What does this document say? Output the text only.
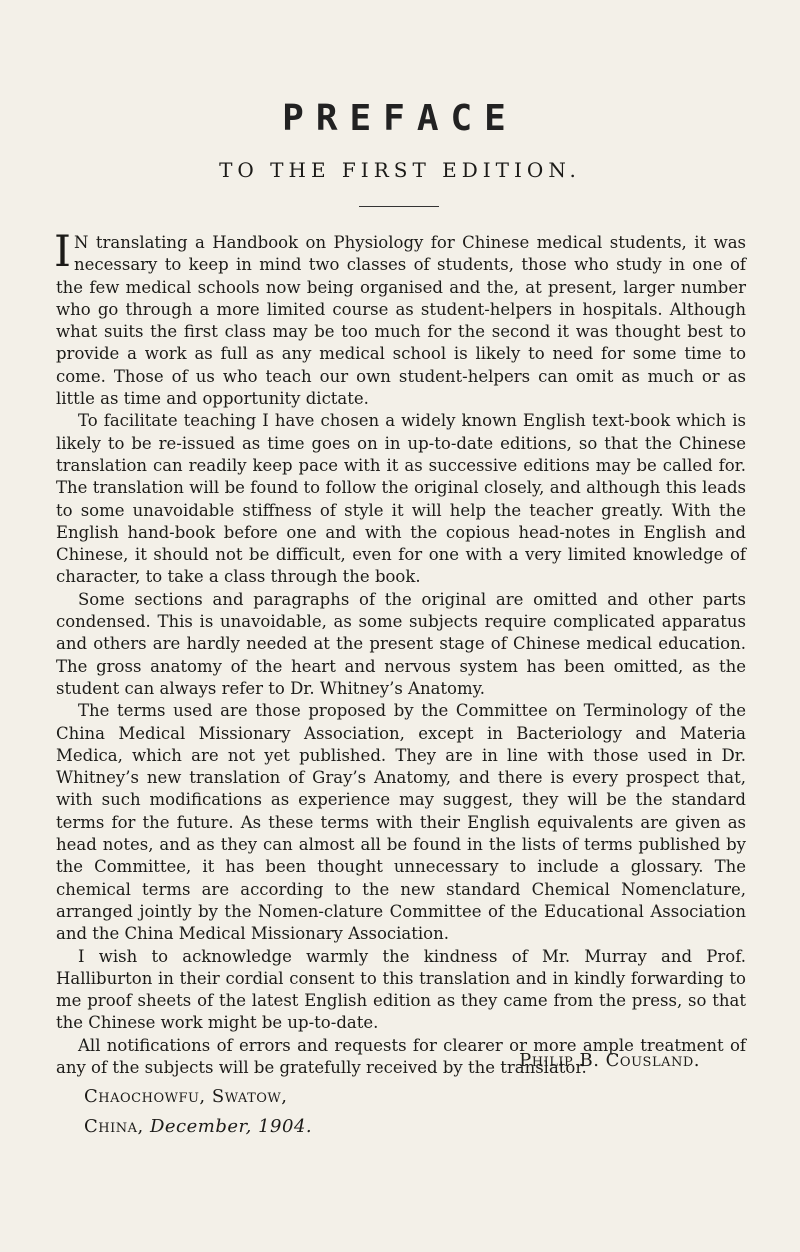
PREFACE
TO THE FIRST EDITION.

I N translating a Handbook on Physiology for Chinese medical students, it was necessary to keep in mind two classes of students, those who study in one of the few medical schools now being organised and the, at present, larger number who go through a more limited course as student-helpers in hospitals. Although what suits the first class may be too much for the second it was thought best to provide a work as full as any medical school is likely to need for some time to come. Those of us who teach our own student-helpers can omit as much or as little as time and opportunity dictate.

To facilitate teaching I have chosen a widely known English text-book which is likely to be re-issued as time goes on in up-to-date editions, so that the Chinese translation can readily keep pace with it as successive editions may be called for. The translation will be found to follow the original closely, and although this leads to some unavoidable stiffness of style it will help the teacher greatly. With the English hand-book before one and with the copious head-notes in English and Chinese, it should not be difficult, even for one with a very limited knowledge of character, to take a class through the book.

Some sections and paragraphs of the original are omitted and other parts condensed. This is unavoidable, as some subjects require complicated apparatus and others are hardly needed at the present stage of Chinese medical education. The gross anatomy of the heart and nervous system has been omitted, as the student can always refer to Dr. Whitney’s Anatomy.

The terms used are those proposed by the Committee on Terminology of the China Medical Missionary Association, except in Bacteriology and Materia Medica, which are not yet published. They are in line with those used in Dr. Whitney’s new translation of Gray’s Anatomy, and there is every prospect that, with such modifications as experience may suggest, they will be the standard terms for the future. As these terms with their English equivalents are given as head notes, and as they can almost all be found in the lists of terms published by the Committee, it has been thought unnecessary to include a glossary. The chemical terms are according to the new standard Chemical Nomenclature, arranged jointly by the Nomen-clature Committee of the Educational Association and the China Medical Missionary Association.

I wish to acknowledge warmly the kindness of Mr. Murray and Prof. Halliburton in their cordial consent to this translation and in kindly forwarding to me proof sheets of the latest English edition as they came from the press, so that the Chinese work might be up-to-date.

All notifications of errors and requests for clearer or more ample treatment of any of the subjects will be gratefully received by the translator.

Philip B. Cousland.
Chaochowfu, Swatow,
China, December, 1904.
